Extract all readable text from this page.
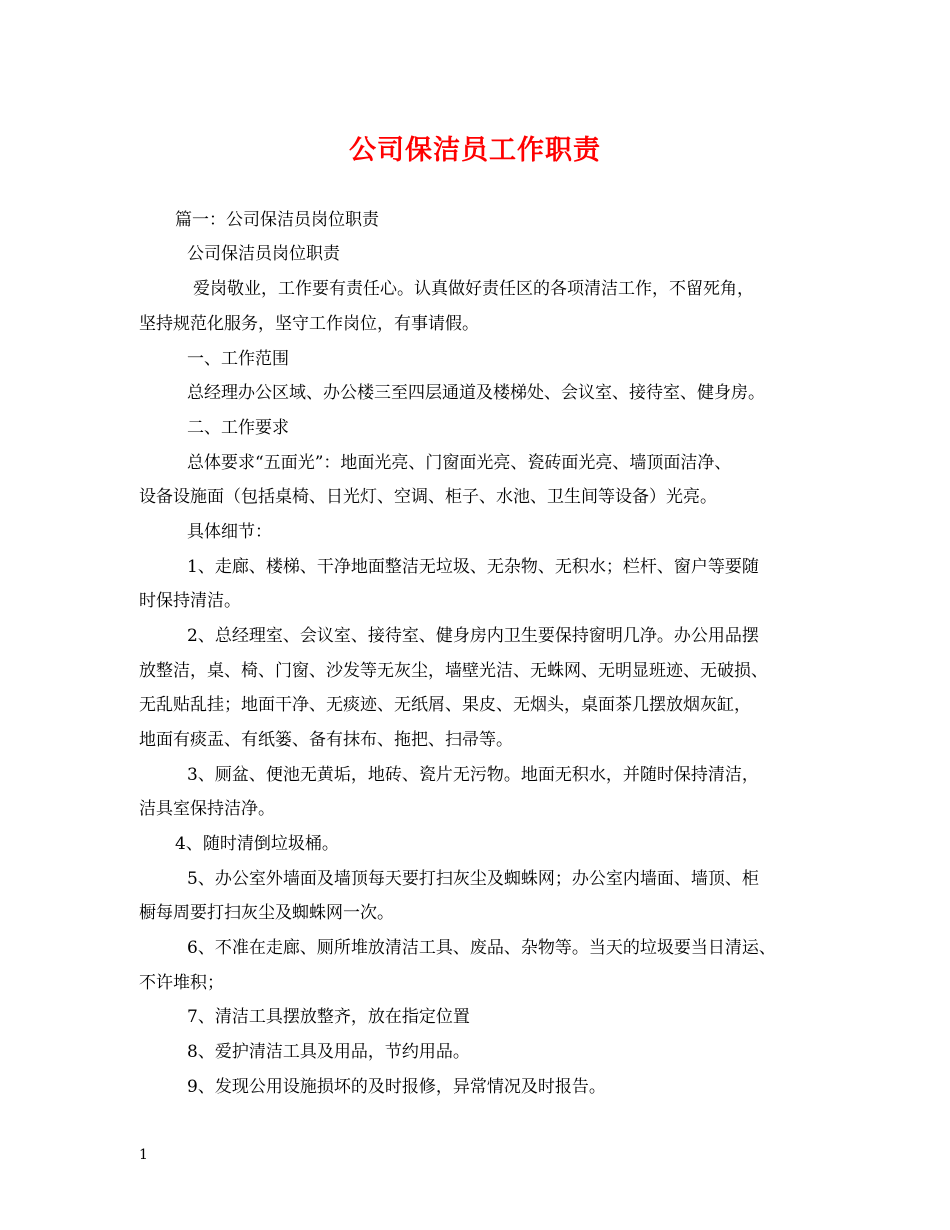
公司保洁员工作职责

篇一：公司保洁员岗位职责

公司保洁员岗位职责

爱岗敬业，工作要有责任心。认真做好责任区的各项清洁工作，不留死角，

坚持规范化服务，坚守工作岗位，有事请假。

一、工作范围

总经理办公区域、办公楼三至四层通道及楼梯处、会议室、接待室、健身房。

二、工作要求

总体要求“五面光”：地面光亮、门窗面光亮、瓷砖面光亮、墙顶面洁净、

设备设施面（包括桌椅、日光灯、空调、柜子、水池、卫生间等设备）光亮。

具体细节：

1、走廊、楼梯、干净地面整洁无垃圾、无杂物、无积水；栏杆、窗户等要随

时保持清洁。

2、总经理室、会议室、接待室、健身房内卫生要保持窗明几净。办公用品摆

放整洁，桌、椅、门窗、沙发等无灰尘，墙壁光洁、无蛛网、无明显班迹、无破损、

无乱贴乱挂；地面干净、无痰迹、无纸屑、果皮、无烟头，桌面茶几摆放烟灰缸，

地面有痰盂、有纸篓、备有抹布、拖把、扫帚等。

3、厕盆、便池无黄垢，地砖、瓷片无污物。地面无积水，并随时保持清洁，

洁具室保持洁净。

4、随时清倒垃圾桶。

5、办公室外墙面及墙顶每天要打扫灰尘及蜘蛛网；办公室内墙面、墙顶、柜

橱每周要打扫灰尘及蜘蛛网一次。

6、不准在走廊、厕所堆放清洁工具、废品、杂物等。当天的垃圾要当日清运、

不许堆积；

7、清洁工具摆放整齐，放在指定位置

8、爱护清洁工具及用品，节约用品。

9、发现公用设施损坏的及时报修，异常情况及时报告。

1
